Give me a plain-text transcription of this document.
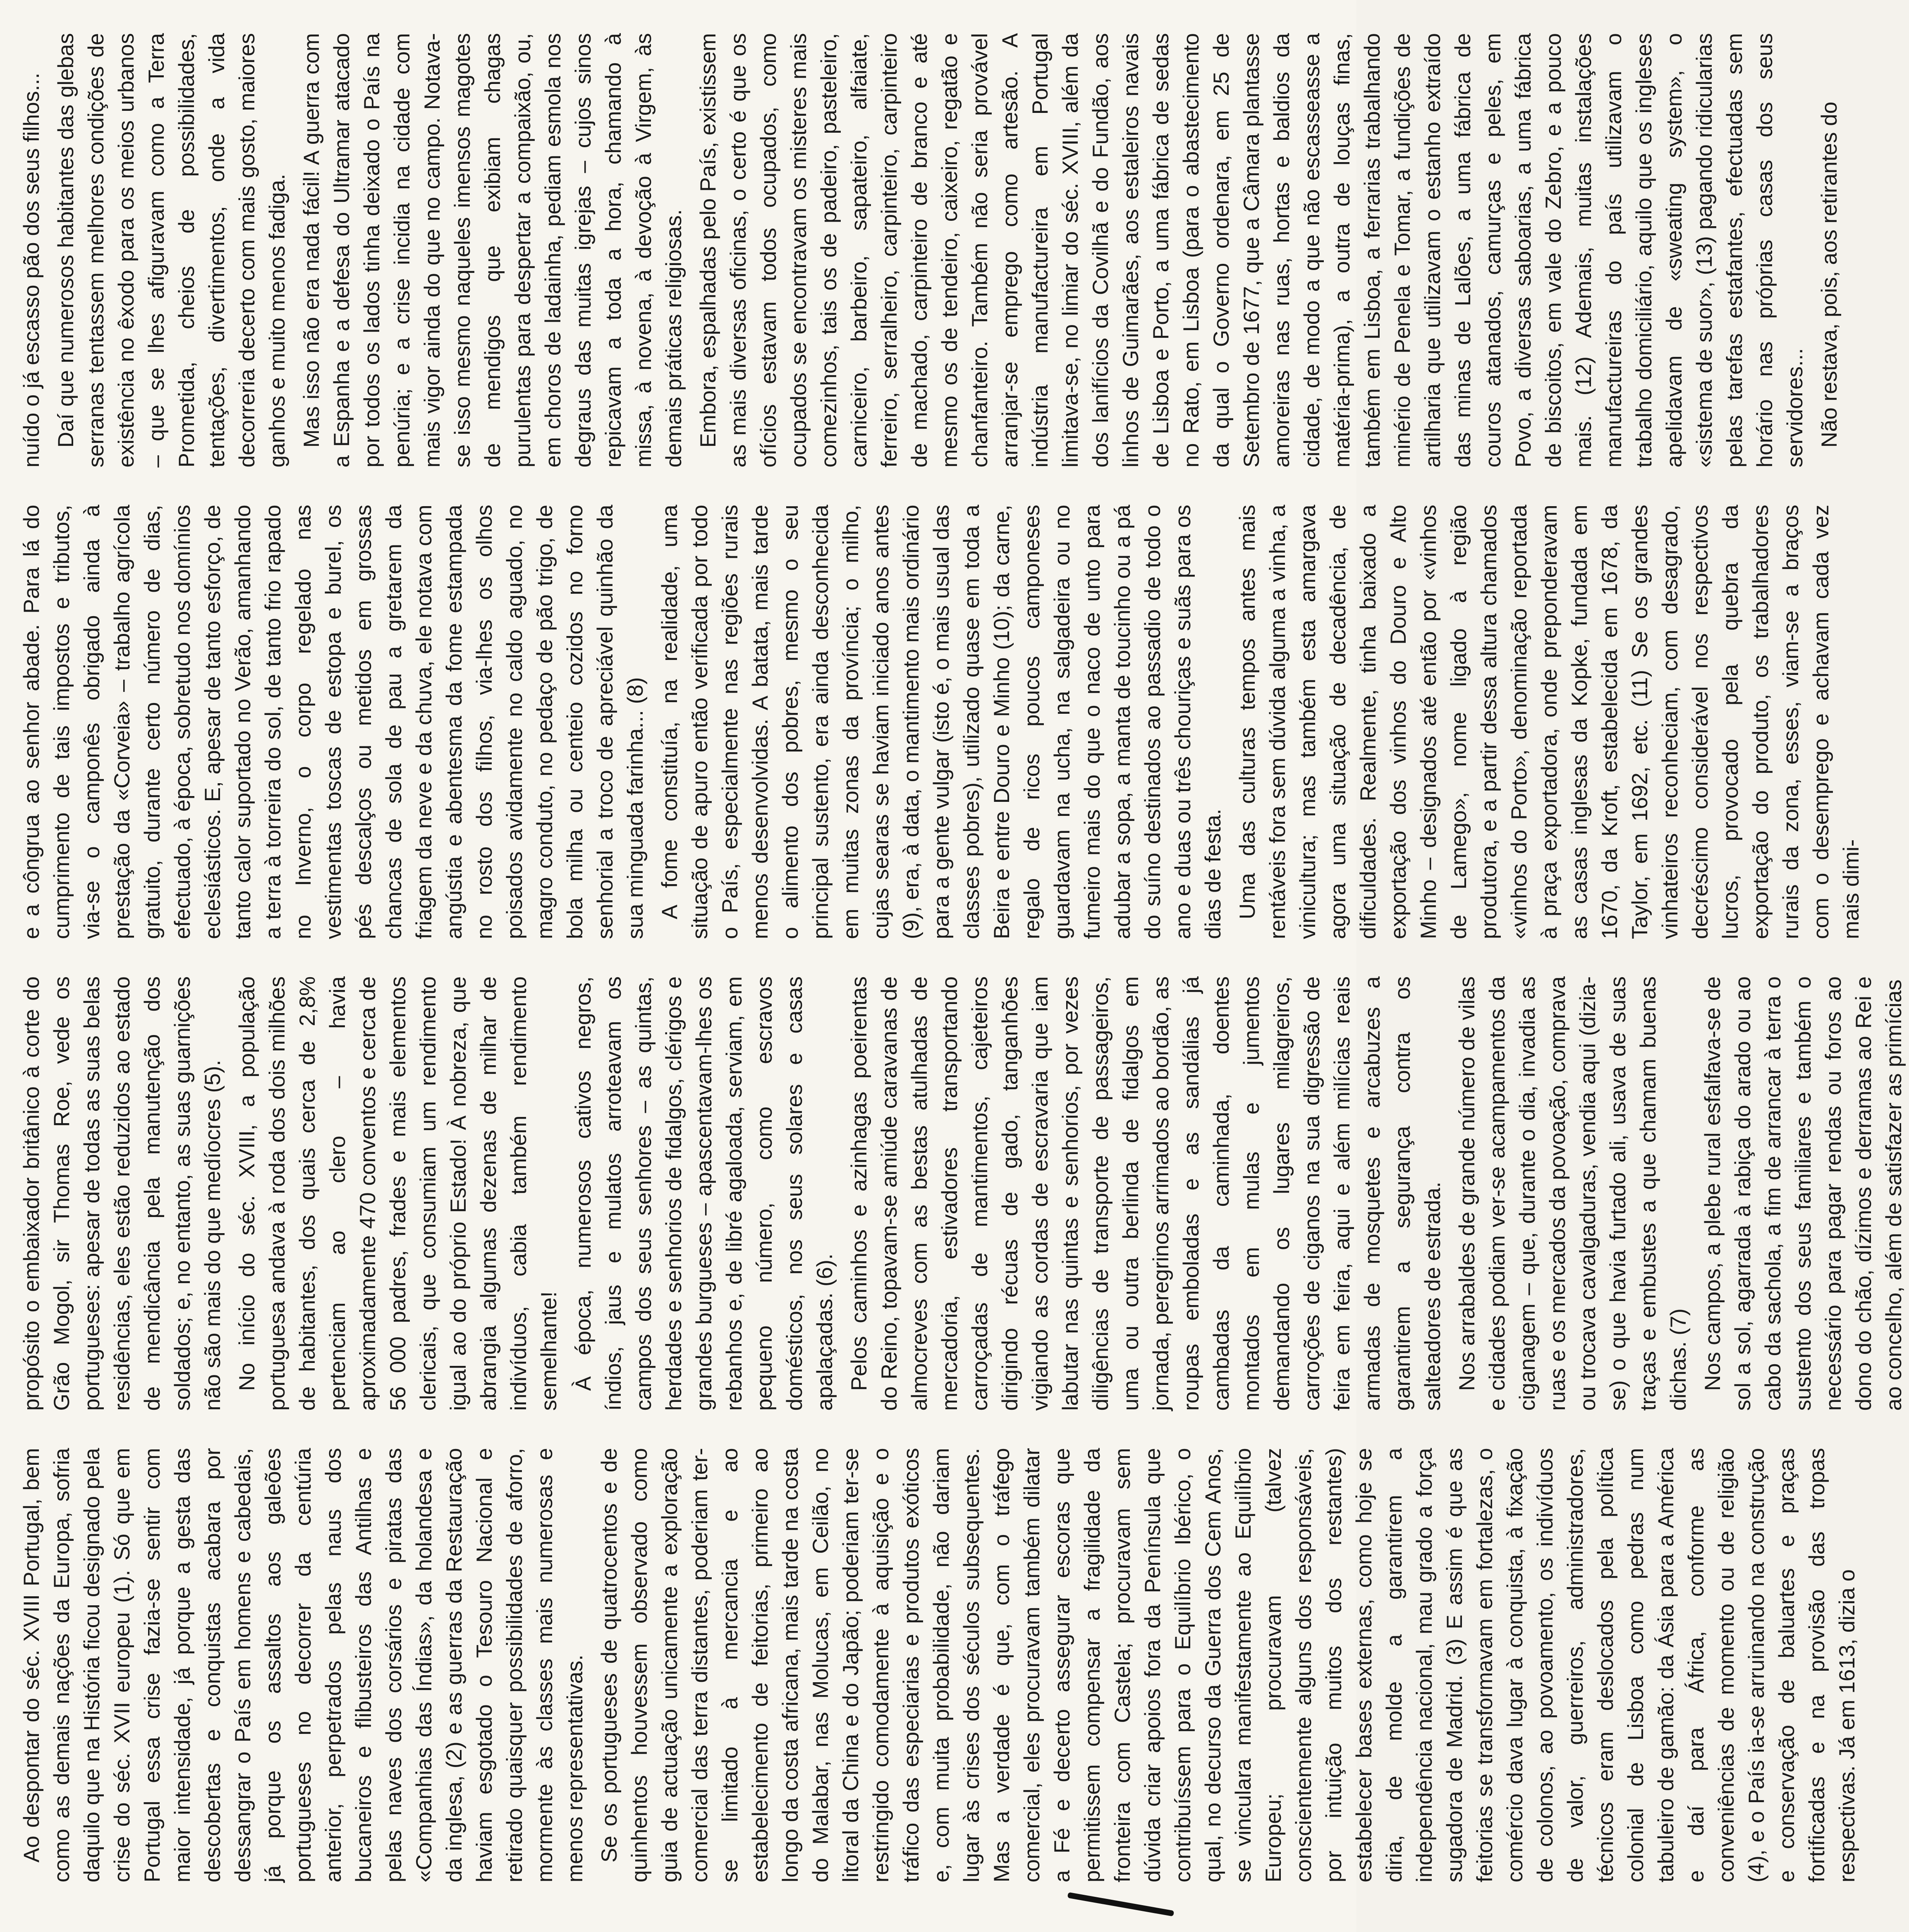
Ao despontar do séc. XVIII Portugal, bem como as demais nações da Europa, sofria daquilo que na História ficou designado pela crise do séc. XVII europeu (1). Só que em Portugal essa crise fazia-se sentir com maior intensidade, já porque a gesta das descobertas e conquistas acabara por dessangrar o País em homens e cabedais, já porque os assaltos aos galeões portugueses no decorrer da centúria anterior, perpetrados pelas naus dos bucaneiros e flibusteiros das Antilhas e pelas naves dos corsários e piratas das «Companhias das Índias», da holandesa e da inglesa, (2) e as guerras da Restauração haviam esgotado o Tesouro Nacional e retirado quaisquer possibilidades de aforro, mormente às classes mais numerosas e menos representativas. Se os portugueses de quatrocentos e de quinhentos houvessem observado como guia de actuação unicamente a exploração comercial das terra distantes, poderiam ter-se limitado à mercancia e ao estabelecimento de feitorias, primeiro ao longo da costa africana, mais tarde na costa do Malabar, nas Molucas, em Ceilão, no litoral da China e do Japão; poderiam ter-se restringido comodamente à aquisição e o tráfico das especiarias e produtos exóticos e, com muita probabilidade, não dariam lugar às crises dos séculos subsequentes. Mas a verdade é que, com o tráfego comercial, eles procuravam também dilatar a Fé e decerto assegurar escoras que permitissem compensar a fragilidade da fronteira com Castela; procuravam sem dúvida criar apoios fora da Península que contribuíssem para o Equilíbrio Ibérico, o qual, no decurso da Guerra dos Cem Anos, se vinculara manifestamente ao Equilíbrio Europeu; procuravam (talvez conscientemente alguns dos responsáveis, por intuição muitos dos restantes) estabelecer bases externas, como hoje se diria, de molde a garantirem a independência nacional, mau grado a força sugadora de Madrid. (3) E assim é que as feitorias se transformavam em fortalezas, o comércio dava lugar à conquista, à fixação de colonos, ao povoamento, os indivíduos de valor, guerreiros, administradores, técnicos eram deslocados pela política colonial de Lisboa como pedras num tabuleiro de gamão: da Ásia para a América e daí para África, conforme as conveniências de momento ou de religião (4), e o País ia-se arruinando na construção e conservação de baluartes e praças fortificadas e na provisão das tropas respectivas. Já em 1613, dizia o

propósito o embaixador britânico à corte do Grão Mogol, sir Thomas Roe, vede os portugueses: apesar de todas as suas belas residências, eles estão reduzidos ao estado de mendicância pela manutenção dos soldados; e, no entanto, as suas guarnições não são mais do que medíocres (5). No início do séc. XVIII, a população portuguesa andava à roda dos dois milhões de habitantes, dos quais cerca de 2,8% pertenciam ao clero – havia aproximadamente 470 conventos e cerca de 56 000 padres, frades e mais elementos clericais, que consumiam um rendimento igual ao do próprio Estado! À nobreza, que abrangia algumas dezenas de milhar de indivíduos, cabia também rendimento semelhante! À época, numerosos cativos negros, índios, jaus e mulatos arroteavam os campos dos seus senhores – as quintas, herdades e senhorios de fidalgos, clérigos e grandes burgueses – apascentavam-lhes os rebanhos e, de libré agaloada, serviam, em pequeno número, como escravos domésticos, nos seus solares e casas apalaçadas. (6). Pelos caminhos e azinhagas poeirentas do Reino, topavam-se amiúde caravanas de almocreves com as bestas atulhadas de mercadoria, estivadores transportando carroçadas de mantimentos, cajeteiros dirigindo récuas de gado, tanganhões vigiando as cordas de escravaria que iam labutar nas quintas e senhorios, por vezes diligências de transporte de passageiros, uma ou outra berlinda de fidalgos em jornada, peregrinos arrimados ao bordão, as roupas emboladas e as sandálias já cambadas da caminhada, doentes montados em mulas e jumentos demandando os lugares milagreiros, carroções de ciganos na sua digressão de feira em feira, aqui e além milícias reais armadas de mosquetes e arcabuzes a garantirem a segurança contra os salteadores de estrada. Nos arrabaldes de grande número de vilas e cidades podiam ver-se acampamentos da ciganagem – que, durante o dia, invadia as ruas e os mercados da povoação, comprava ou trocava cavalgaduras, vendia aqui (dizia-se) o que havia furtado ali, usava de suas traças e embustes a que chamam buenas dichas. (7) Nos campos, a plebe rural esfalfava-se de sol a sol, agarrada à rabiça do arado ou ao cabo da sachola, a fim de arrancar à terra o sustento dos seus familiares e também o necessário para pagar rendas ou foros ao dono do chão, dízimos e derramas ao Rei e ao concelho, além de satisfazer as primícias

e a côngrua ao senhor abade. Para lá do cumprimento de tais impostos e tributos, via-se o camponês obrigado ainda à prestação da «Corveia» – trabalho agrícola gratuito, durante certo número de dias, efectuado, à época, sobretudo nos domínios eclesiásticos. E, apesar de tanto esforço, de tanto calor suportado no Verão, amanhando a terra à torreira do sol, de tanto frio rapado no Inverno, o corpo regelado nas vestimentas toscas de estopa e burel, os pés descalços ou metidos em grossas chancas de sola de pau a gretarem da friagem da neve e da chuva, ele notava com angústia e abentesma da fome estampada no rosto dos filhos, via-lhes os olhos poisados avidamente no caldo aguado, no magro conduto, no pedaço de pão trigo, de bola milha ou centeio cozidos no forno senhorial a troco de apreciável quinhão da sua minguada farinha... (8) A fome constituía, na realidade, uma situação de apuro então verificada por todo o País, especialmente nas regiões rurais menos desenvolvidas. A batata, mais tarde o alimento dos pobres, mesmo o seu principal sustento, era ainda desconhecida em muitas zonas da província; o milho, cujas searas se haviam iniciado anos antes (9), era, à data, o mantimento mais ordinário para a gente vulgar (isto é, o mais usual das classes pobres), utilizado quase em toda a Beira e entre Douro e Minho (10); da carne, regalo de ricos poucos camponeses guardavam na ucha, na salgadeira ou no fumeiro mais do que o naco de unto para adubar a sopa, a manta de toucinho ou a pá do suíno destinados ao passadio de todo o ano e duas ou três chouriças e suãs para os dias de festa. Uma das culturas tempos antes mais rentáveis fora sem dúvida alguma a vinha, a vinicultura; mas também esta amargava agora uma situação de decadência, de dificuldades. Realmente, tinha baixado a exportação dos vinhos do Douro e Alto Minho – designados até então por «vinhos de Lamego», nome ligado à região produtora, e a partir dessa altura chamados «vinhos do Porto», denominação reportada à praça exportadora, onde preponderavam as casas inglesas da Kopke, fundada em 1670, da Kroft, estabelecida em 1678, da Taylor, em 1692, etc. (11) Se os grandes vinhateiros reconheciam, com desagrado, decréscimo considerável nos respectivos lucros, provocado pela quebra da exportação do produto, os trabalhadores rurais da zona, esses, viam-se a braços com o desemprego e achavam cada vez mais dimi-

nuído o já escasso pão dos seus filhos... Daí que numerosos habitantes das glebas serranas tentassem melhores condições de existência no êxodo para os meios urbanos – que se lhes afiguravam como a Terra Prometida, cheios de possibilidades, tentações, divertimentos, onde a vida decorreria decerto com mais gosto, maiores ganhos e muito menos fadiga. Mas isso não era nada fácil! A guerra com a Espanha e a defesa do Ultramar atacado por todos os lados tinha deixado o País na penúria; e a crise incidia na cidade com mais vigor ainda do que no campo. Notava-se isso mesmo naqueles imensos magotes de mendigos que exibiam chagas purulentas para despertar a compaixão, ou, em choros de ladainha, pediam esmola nos degraus das muitas igrejas – cujos sinos repicavam a toda a hora, chamando à missa, à novena, à devoção à Virgem, às demais práticas religiosas. Embora, espalhadas pelo País, existissem as mais diversas oficinas, o certo é que os ofícios estavam todos ocupados, como ocupados se encontravam os misteres mais comezinhos, tais os de padeiro, pasteleiro, carniceiro, barbeiro, sapateiro, alfaiate, ferreiro, serralheiro, carpinteiro, carpinteiro de machado, carpinteiro de branco e até mesmo os de tendeiro, caixeiro, regatão e chanfanteiro. Também não seria provável arranjar-se emprego como artesão. A indústria manufactureira em Portugal limitava-se, no limiar do séc. XVIII, além da dos lanifícios da Covilhã e do Fundão, aos linhos de Guimarães, aos estaleiros navais de Lisboa e Porto, a uma fábrica de sedas no Rato, em Lisboa (para o abastecimento da qual o Governo ordenara, em 25 de Setembro de 1677, que a Câmara plantasse amoreiras nas ruas, hortas e baldios da cidade, de modo a que não escasseasse a matéria-prima), a outra de louças finas, também em Lisboa, a ferrarias trabalhando minério de Penela e Tomar, a fundições de artilharia que utilizavam o estanho extraído das minas de Lalões, a uma fábrica de couros atanados, camurças e peles, em Povo, a diversas saboarias, a uma fábrica de biscoitos, em vale do Zebro, e a pouco mais. (12) Ademais, muitas instalações manufactureiras do país utilizavam o trabalho domiciliário, aquilo que os ingleses apelidavam de «sweating system», o «sistema de suor», (13) pagando ridicularias pelas tarefas estafantes, efectuadas sem horário nas próprias casas dos seus servidores... Não restava, pois, aos retirantes do
